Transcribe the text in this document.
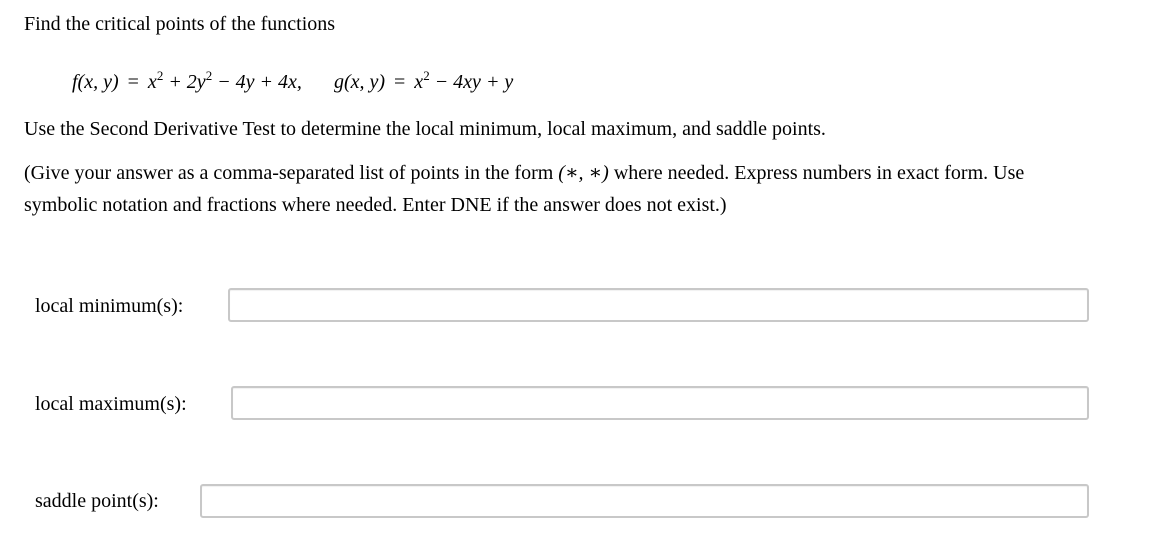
Find the critical points of the functions
f(x, $y) = x^2 + 2y^2 - 4y + 4x$, g(x, $y) = x^2 - 4xy + y$
Use the Second Derivative Test to determine the local minimum, local maximum, and saddle points.
(Give your answer as a comma-separated list of points in the form (∗, ∗) where needed. Express numbers in exact form. Use
symbolic notation and fractions where needed. Enter DNE if the answer does not exist.)
local minimum(s):
local maximum(s):
saddle point(s):
